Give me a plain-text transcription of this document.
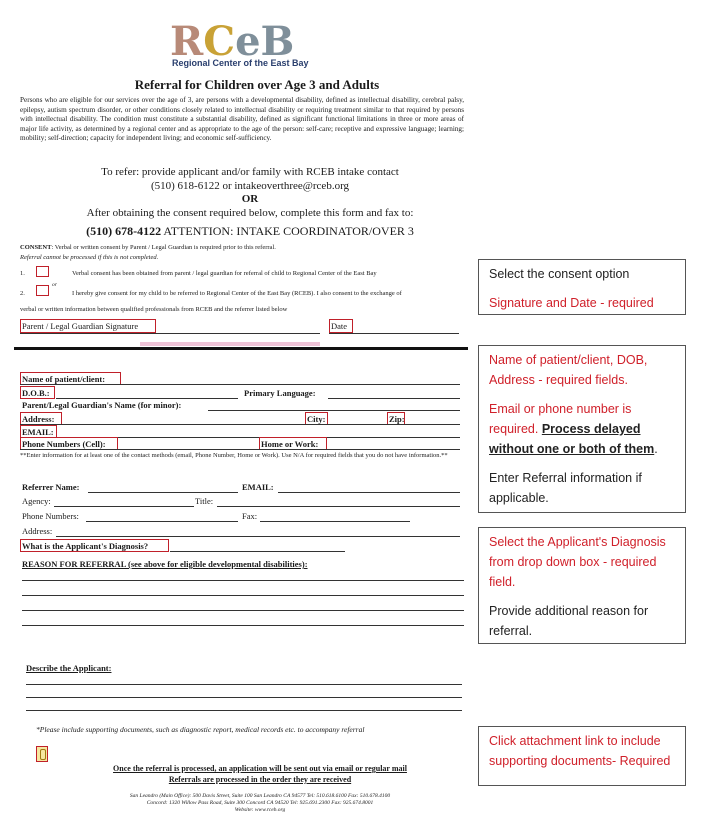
RCeB
Regional Center of the East Bay
Referral for Children over Age 3 and Adults
Persons who are eligible for our services over the age of 3, are persons with a developmental disability, defined as intellectual disability, cerebral palsy, epilepsy, autism spectrum disorder, or other conditions closely related to intellectual disability or requiring treatment similar to that required by persons with intellectual disability. The condition must constitute a substantial disability, defined as significant functional limitations in three or more areas of major life activity, as determined by a regional center and as appropriate to the age of the person: self-care; receptive and expressive language; learning; mobility; self-direction; capacity for independent living; and economic self-sufficiency.
To refer: provide applicant and/or family with RCEB intake contact
(510) 618-6122 or intakeoverthree@rceb.org
OR
After obtaining the consent required below, complete this form and fax to:
(510) 678-4122 ATTENTION: INTAKE COORDINATOR/OVER 3
CONSENT: Verbal or written consent by Parent / Legal Guardian is required prior to this referral.
Referral cannot be processed if this is not completed.
1.	Verbal consent has been obtained from parent / legal guardian for referral of child to Regional Center of the East Bay
2.
or
I hereby give consent for my child to be referred to Regional Center of the East Bay (RCEB). I also consent to the exchange of
verbal or written information between qualified professionals from RCEB and the referrer listed below
Parent / Legal Guardian Signature	Date
Name of patient/client:
D.O.B.:	Primary Language:
Parent/Legal Guardian's Name (for minor):
Address:	City:	Zip:
EMAIL:
Phone Numbers (Cell):	Home or Work:
**Enter information for at least one of the contact methods (email, Phone Number, Home or Work). Use N/A for required fields that you do not have information.**
Referrer Name:	EMAIL:
Agency:	Title:
Phone Numbers:	Fax:
Address:
What is the Applicant's Diagnosis?
REASON FOR REFERRAL (see above for eligible developmental disabilities):
Describe the Applicant:
*Please include supporting documents, such as diagnostic report, medical records etc. to accompany referral
Once the referral is processed, an application will be sent out via email or regular mail
Referrals are processed in the order they are received
San Leandro (Main Office): 500 Davis Street, Suite 100 San Leandro CA 94577 Tel: 510.618.6100 Fax: 510.678.4100
Concord: 1320 Willow Pass Road, Suite 300 Concord CA 94520 Tel: 925.691.2300 Fax: 925.674.8001
Website: www.rceb.org

Select the consent option

Signature and Date - required

Name of patient/client, DOB, Address - required fields.

Email or phone number is required. Process delayed without one or both of them.

Enter Referral information if applicable.

Select the Applicant's Diagnosis from drop down box - required field.

Provide additional reason for referral.

Click attachment link to include supporting documents- Required
